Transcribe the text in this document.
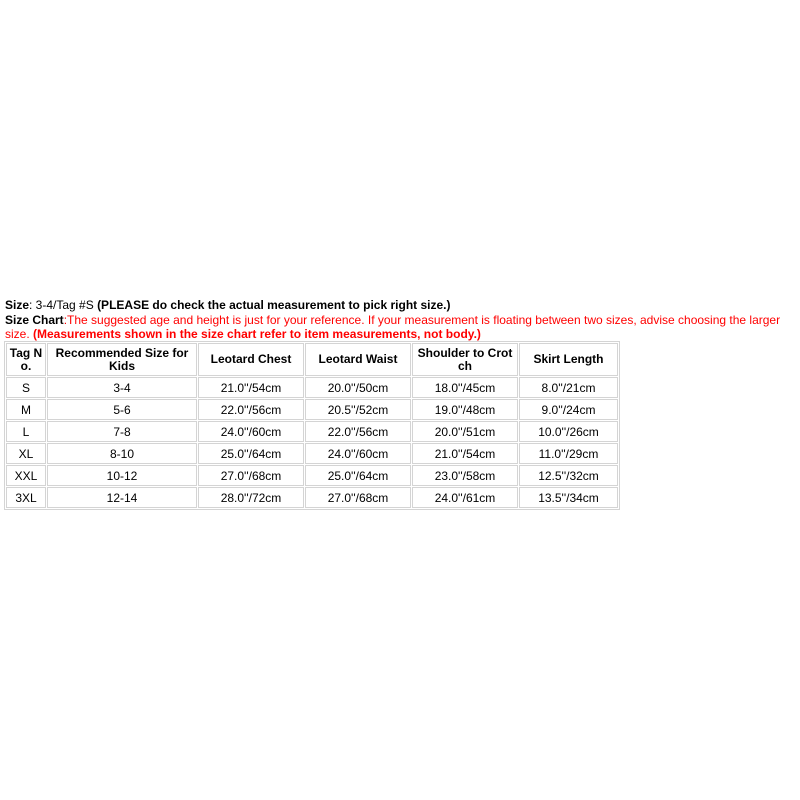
Size: 3-4/Tag #S (PLEASE do check the actual measurement to pick right size.)

Size Chart:The suggested age and height is just for your reference. If your measurement is floating between two sizes, advise choosing the larger size. (Measurements shown in the size chart refer to item measurements, not body.)

Tag No.	Recommended Size for Kids	Leotard Chest	Leotard Waist	Shoulder to Crotch	Skirt Length
S	3-4	21.0''/54cm	20.0''/50cm	18.0''/45cm	8.0''/21cm
M	5-6	22.0''/56cm	20.5''/52cm	19.0''/48cm	9.0''/24cm
L	7-8	24.0''/60cm	22.0''/56cm	20.0''/51cm	10.0''/26cm
XL	8-10	25.0''/64cm	24.0''/60cm	21.0''/54cm	11.0''/29cm
XXL	10-12	27.0''/68cm	25.0''/64cm	23.0''/58cm	12.5''/32cm
3XL	12-14	28.0''/72cm	27.0''/68cm	24.0''/61cm	13.5''/34cm
